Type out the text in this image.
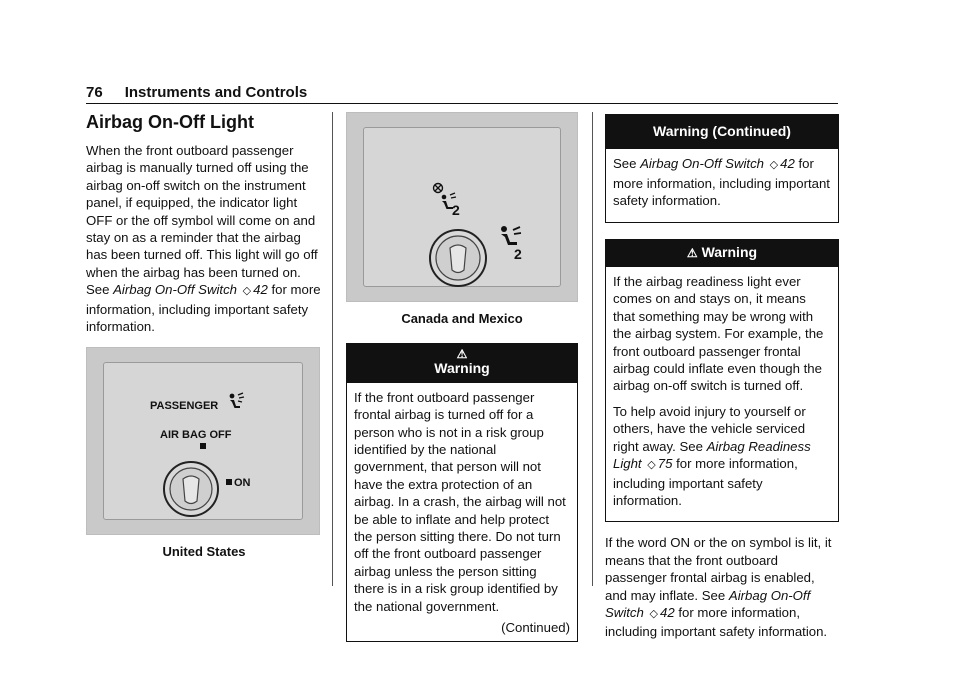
76 Instruments and Controls
Airbag On-Off Light

When the front outboard passenger airbag is manually turned off using the airbag on-off switch on the instrument panel, if equipped, the indicator light OFF or the off symbol will come on and stay on as a reminder that the airbag has been turned off. This light will go off when the airbag has been turned on. See Airbag On-Off Switch ◇ 42 for more information, including important safety information.

PASSENGER
AIR BAG OFF
ON
United States
2
2
Canada and Mexico
⚠
Warning

If the front outboard passenger frontal airbag is turned off for a person who is not in a risk group identified by the national government, that person will not have the extra protection of an airbag. In a crash, the airbag will not be able to inflate and help protect the person sitting there. Do not turn off the front outboard passenger airbag unless the person sitting there is in a risk group identified by the national government.

(Continued)
Warning (Continued)

See Airbag On-Off Switch ◇ 42 for more information, including important safety information.

⚠ Warning

If the airbag readiness light ever comes on and stays on, it means that something may be wrong with the airbag system. For example, the front outboard passenger frontal airbag could inflate even though the airbag on-off switch is turned off.

To help avoid injury to yourself or others, have the vehicle serviced right away. See Airbag Readiness Light ◇ 75 for more information, including important safety information.

If the word ON or the on symbol is lit, it means that the front outboard passenger frontal airbag is enabled, and may inflate. See Airbag On-Off Switch ◇ 42 for more information, including important safety information.
